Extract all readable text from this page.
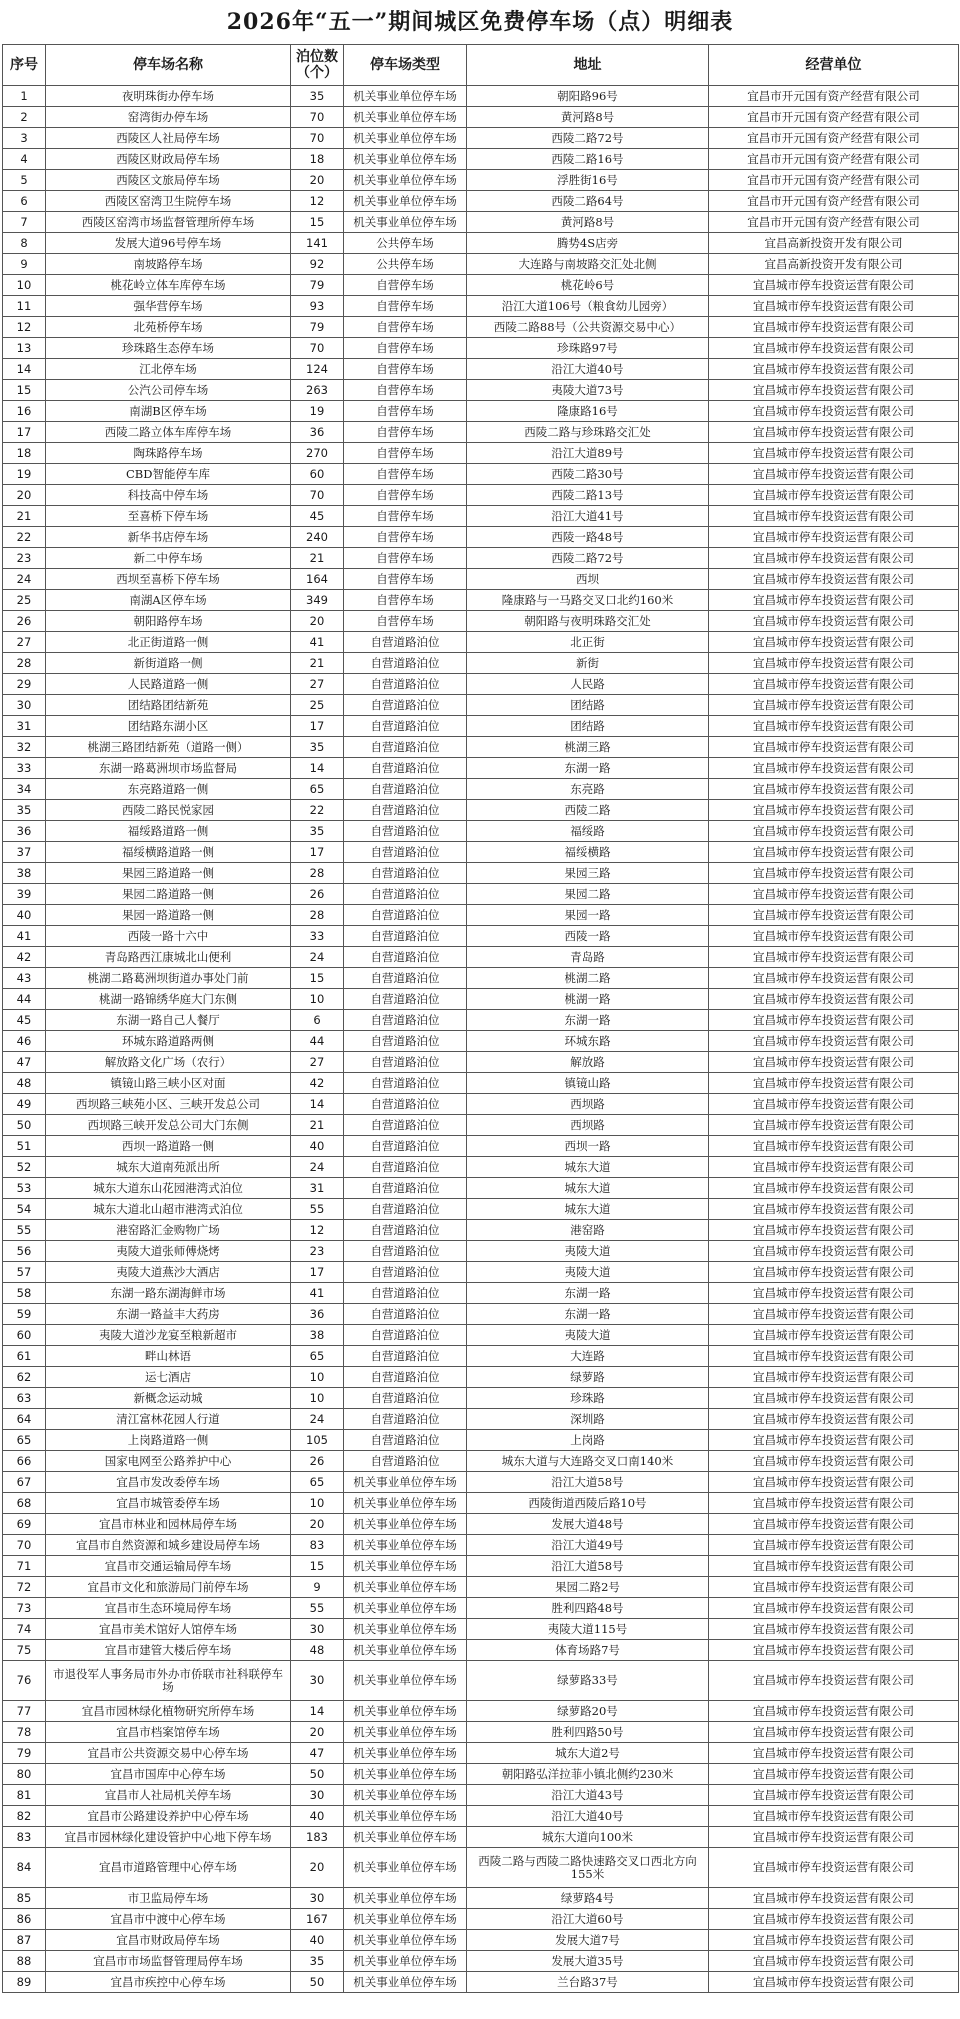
2026年“五一”期间城区免费停车场（点）明细表
序号	停车场名称	泊位数（个）	停车场类型	地址	经营单位
1	夜明珠街办停车场	35	机关事业单位停车场	朝阳路96号	宜昌市开元国有资产经营有限公司
2	窑湾街办停车场	70	机关事业单位停车场	黄河路8号	宜昌市开元国有资产经营有限公司
3	西陵区人社局停车场	70	机关事业单位停车场	西陵二路72号	宜昌市开元国有资产经营有限公司
4	西陵区财政局停车场	18	机关事业单位停车场	西陵二路16号	宜昌市开元国有资产经营有限公司
5	西陵区文旅局停车场	20	机关事业单位停车场	浮胜街16号	宜昌市开元国有资产经营有限公司
6	西陵区窑湾卫生院停车场	12	机关事业单位停车场	西陵二路64号	宜昌市开元国有资产经营有限公司
7	西陵区窑湾市场监督管理所停车场	15	机关事业单位停车场	黄河路8号	宜昌市开元国有资产经营有限公司
8	发展大道96号停车场	141	公共停车场	腾势4S店旁	宜昌高新投资开发有限公司
9	南坡路停车场	92	公共停车场	大连路与南坡路交汇处北侧	宜昌高新投资开发有限公司
10	桃花岭立体车库停车场	79	自营停车场	桃花岭6号	宜昌城市停车投资运营有限公司
11	强华营停车场	93	自营停车场	沿江大道106号（粮食幼儿园旁）	宜昌城市停车投资运营有限公司
12	北苑桥停车场	79	自营停车场	西陵二路88号（公共资源交易中心）	宜昌城市停车投资运营有限公司
13	珍珠路生态停车场	70	自营停车场	珍珠路97号	宜昌城市停车投资运营有限公司
14	江北停车场	124	自营停车场	沿江大道40号	宜昌城市停车投资运营有限公司
15	公汽公司停车场	263	自营停车场	夷陵大道73号	宜昌城市停车投资运营有限公司
16	南湖B区停车场	19	自营停车场	隆康路16号	宜昌城市停车投资运营有限公司
17	西陵二路立体车库停车场	36	自营停车场	西陵二路与珍珠路交汇处	宜昌城市停车投资运营有限公司
18	陶珠路停车场	270	自营停车场	沿江大道89号	宜昌城市停车投资运营有限公司
19	CBD智能停车库	60	自营停车场	西陵二路30号	宜昌城市停车投资运营有限公司
20	科技高中停车场	70	自营停车场	西陵二路13号	宜昌城市停车投资运营有限公司
21	至喜桥下停车场	45	自营停车场	沿江大道41号	宜昌城市停车投资运营有限公司
22	新华书店停车场	240	自营停车场	西陵一路48号	宜昌城市停车投资运营有限公司
23	新二中停车场	21	自营停车场	西陵二路72号	宜昌城市停车投资运营有限公司
24	西坝至喜桥下停车场	164	自营停车场	西坝	宜昌城市停车投资运营有限公司
25	南湖A区停车场	349	自营停车场	隆康路与一马路交叉口北约160米	宜昌城市停车投资运营有限公司
26	朝阳路停车场	20	自营停车场	朝阳路与夜明珠路交汇处	宜昌城市停车投资运营有限公司
27	北正街道路一侧	41	自营道路泊位	北正街	宜昌城市停车投资运营有限公司
28	新街道路一侧	21	自营道路泊位	新街	宜昌城市停车投资运营有限公司
29	人民路道路一侧	27	自营道路泊位	人民路	宜昌城市停车投资运营有限公司
30	团结路团结新苑	25	自营道路泊位	团结路	宜昌城市停车投资运营有限公司
31	团结路东湖小区	17	自营道路泊位	团结路	宜昌城市停车投资运营有限公司
32	桃湖三路团结新苑（道路一侧）	35	自营道路泊位	桃湖三路	宜昌城市停车投资运营有限公司
33	东湖一路葛洲坝市场监督局	14	自营道路泊位	东湖一路	宜昌城市停车投资运营有限公司
34	东亮路道路一侧	65	自营道路泊位	东亮路	宜昌城市停车投资运营有限公司
35	西陵二路民悦家园	22	自营道路泊位	西陵二路	宜昌城市停车投资运营有限公司
36	福绥路道路一侧	35	自营道路泊位	福绥路	宜昌城市停车投资运营有限公司
37	福绥横路道路一侧	17	自营道路泊位	福绥横路	宜昌城市停车投资运营有限公司
38	果园三路道路一侧	28	自营道路泊位	果园三路	宜昌城市停车投资运营有限公司
39	果园二路道路一侧	26	自营道路泊位	果园二路	宜昌城市停车投资运营有限公司
40	果园一路道路一侧	28	自营道路泊位	果园一路	宜昌城市停车投资运营有限公司
41	西陵一路十六中	33	自营道路泊位	西陵一路	宜昌城市停车投资运营有限公司
42	青岛路西江康城北山便利	24	自营道路泊位	青岛路	宜昌城市停车投资运营有限公司
43	桃湖二路葛洲坝街道办事处门前	15	自营道路泊位	桃湖二路	宜昌城市停车投资运营有限公司
44	桃湖一路锦绣华庭大门东侧	10	自营道路泊位	桃湖一路	宜昌城市停车投资运营有限公司
45	东湖一路自己人餐厅	6	自营道路泊位	东湖一路	宜昌城市停车投资运营有限公司
46	环城东路道路两侧	44	自营道路泊位	环城东路	宜昌城市停车投资运营有限公司
47	解放路文化广场（农行）	27	自营道路泊位	解放路	宜昌城市停车投资运营有限公司
48	镇镜山路三峡小区对面	42	自营道路泊位	镇镜山路	宜昌城市停车投资运营有限公司
49	西坝路三峡苑小区、三峡开发总公司	14	自营道路泊位	西坝路	宜昌城市停车投资运营有限公司
50	西坝路三峡开发总公司大门东侧	21	自营道路泊位	西坝路	宜昌城市停车投资运营有限公司
51	西坝一路道路一侧	40	自营道路泊位	西坝一路	宜昌城市停车投资运营有限公司
52	城东大道南苑派出所	24	自营道路泊位	城东大道	宜昌城市停车投资运营有限公司
53	城东大道东山花园港湾式泊位	31	自营道路泊位	城东大道	宜昌城市停车投资运营有限公司
54	城东大道北山超市港湾式泊位	55	自营道路泊位	城东大道	宜昌城市停车投资运营有限公司
55	港窑路汇金购物广场	12	自营道路泊位	港窑路	宜昌城市停车投资运营有限公司
56	夷陵大道张师傅烧烤	23	自营道路泊位	夷陵大道	宜昌城市停车投资运营有限公司
57	夷陵大道燕沙大酒店	17	自营道路泊位	夷陵大道	宜昌城市停车投资运营有限公司
58	东湖一路东湖海鲜市场	41	自营道路泊位	东湖一路	宜昌城市停车投资运营有限公司
59	东湖一路益丰大药房	36	自营道路泊位	东湖一路	宜昌城市停车投资运营有限公司
60	夷陵大道沙龙宴至粮新超市	38	自营道路泊位	夷陵大道	宜昌城市停车投资运营有限公司
61	畔山林语	65	自营道路泊位	大连路	宜昌城市停车投资运营有限公司
62	运七酒店	10	自营道路泊位	绿萝路	宜昌城市停车投资运营有限公司
63	新概念运动城	10	自营道路泊位	珍珠路	宜昌城市停车投资运营有限公司
64	清江富林花园人行道	24	自营道路泊位	深圳路	宜昌城市停车投资运营有限公司
65	上岗路道路一侧	105	自营道路泊位	上岗路	宜昌城市停车投资运营有限公司
66	国家电网至公路养护中心	26	自营道路泊位	城东大道与大连路交叉口南140米	宜昌城市停车投资运营有限公司
67	宜昌市发改委停车场	65	机关事业单位停车场	沿江大道58号	宜昌城市停车投资运营有限公司
68	宜昌市城管委停车场	10	机关事业单位停车场	西陵街道西陵后路10号	宜昌城市停车投资运营有限公司
69	宜昌市林业和园林局停车场	20	机关事业单位停车场	发展大道48号	宜昌城市停车投资运营有限公司
70	宜昌市自然资源和城乡建设局停车场	83	机关事业单位停车场	沿江大道49号	宜昌城市停车投资运营有限公司
71	宜昌市交通运输局停车场	15	机关事业单位停车场	沿江大道58号	宜昌城市停车投资运营有限公司
72	宜昌市文化和旅游局门前停车场	9	机关事业单位停车场	果园二路2号	宜昌城市停车投资运营有限公司
73	宜昌市生态环境局停车场	55	机关事业单位停车场	胜利四路48号	宜昌城市停车投资运营有限公司
74	宜昌市美术馆好人馆停车场	30	机关事业单位停车场	夷陵大道115号	宜昌城市停车投资运营有限公司
75	宜昌市建管大楼后停车场	48	机关事业单位停车场	体育场路7号	宜昌城市停车投资运营有限公司
76	市退役军人事务局市外办市侨联市社科联停车场	30	机关事业单位停车场	绿萝路33号	宜昌城市停车投资运营有限公司
77	宜昌市园林绿化植物研究所停车场	14	机关事业单位停车场	绿萝路20号	宜昌城市停车投资运营有限公司
78	宜昌市档案馆停车场	20	机关事业单位停车场	胜利四路50号	宜昌城市停车投资运营有限公司
79	宜昌市公共资源交易中心停车场	47	机关事业单位停车场	城东大道2号	宜昌城市停车投资运营有限公司
80	宜昌市国库中心停车场	50	机关事业单位停车场	朝阳路弘洋拉菲小镇北侧约230米	宜昌城市停车投资运营有限公司
81	宜昌市人社局机关停车场	30	机关事业单位停车场	沿江大道43号	宜昌城市停车投资运营有限公司
82	宜昌市公路建设养护中心停车场	40	机关事业单位停车场	沿江大道40号	宜昌城市停车投资运营有限公司
83	宜昌市园林绿化建设管护中心地下停车场	183	机关事业单位停车场	城东大道向100米	宜昌城市停车投资运营有限公司
84	宜昌市道路管理中心停车场	20	机关事业单位停车场	西陵二路与西陵二路快速路交叉口西北方向155米	宜昌城市停车投资运营有限公司
85	市卫监局停车场	30	机关事业单位停车场	绿萝路4号	宜昌城市停车投资运营有限公司
86	宜昌市中渡中心停车场	167	机关事业单位停车场	沿江大道60号	宜昌城市停车投资运营有限公司
87	宜昌市财政局停车场	40	机关事业单位停车场	发展大道7号	宜昌城市停车投资运营有限公司
88	宜昌市市场监督管理局停车场	35	机关事业单位停车场	发展大道35号	宜昌城市停车投资运营有限公司
89	宜昌市疾控中心停车场	50	机关事业单位停车场	兰台路37号	宜昌城市停车投资运营有限公司
